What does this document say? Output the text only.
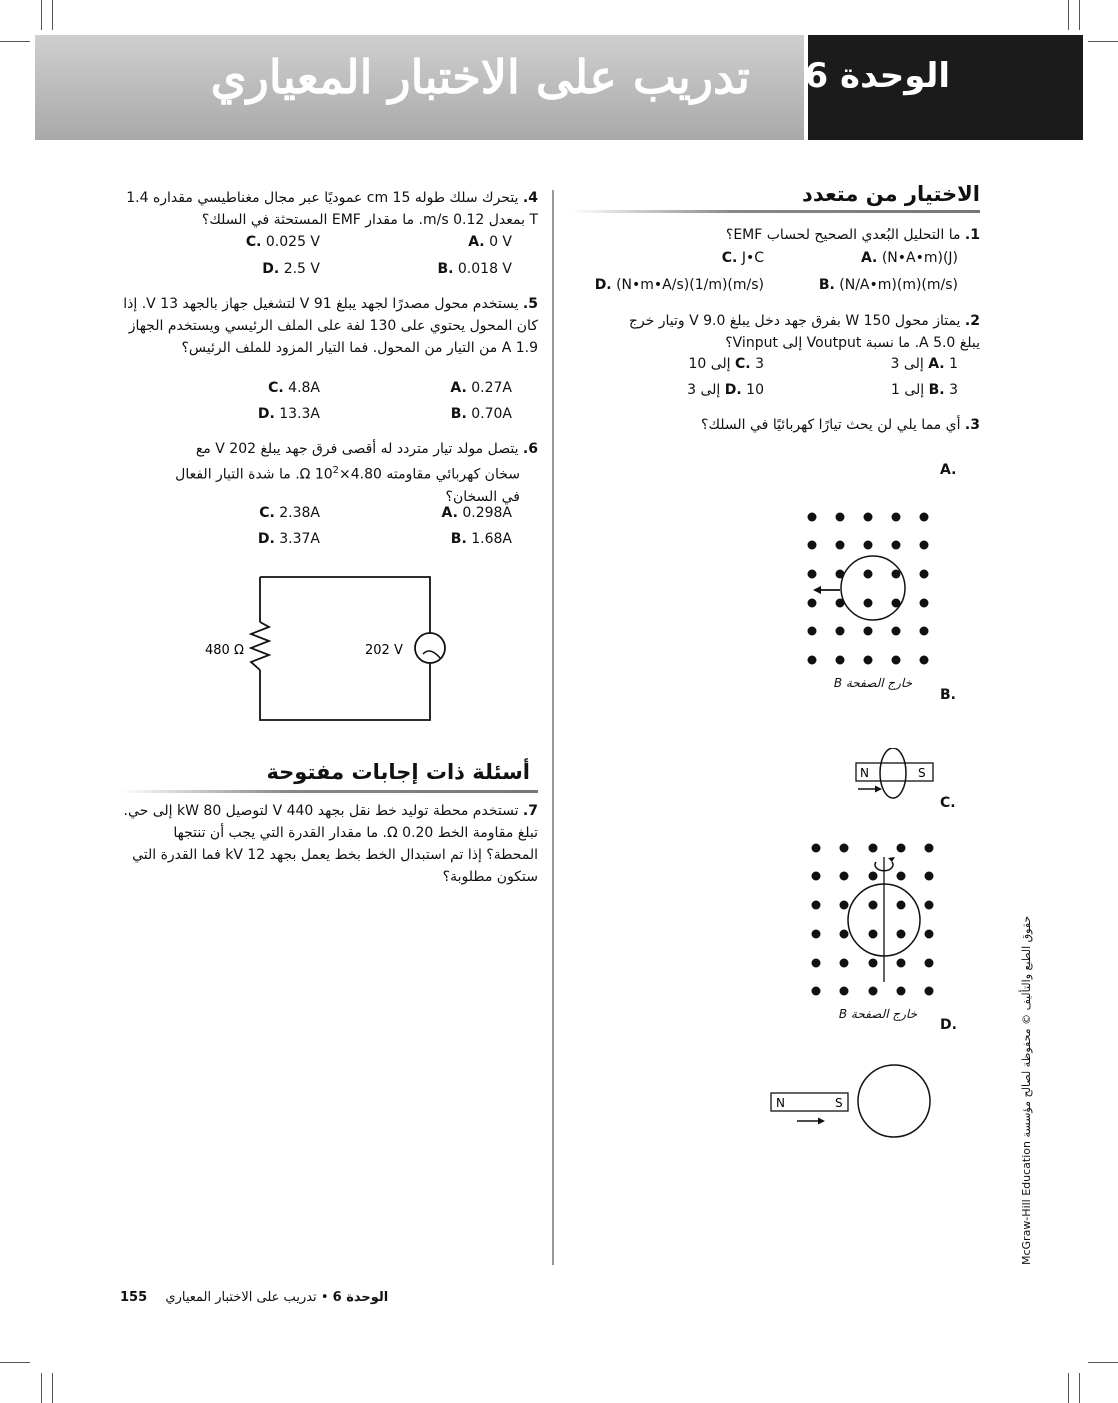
تدريب على الاختبار المعياري	الوحدة 6
الاختيار من متعدد
1. ما التحليل البُعدي الصحيح لحساب EMF؟
A. (N•A•m)(J)
B. (N/A•m)(m)(m/s)
C. J•C
D. (N•m•A/s)(1/m)(m/s)
2. يمتاز محول 150 W بفرق جهد دخل يبلغ 9.0 V وتيار خرج يبلغ 5.0 A. ما نسبة Voutput إلى Vinput؟
A. 1 إلى 3
B. 3 إلى 1
C. 3 إلى 10
D. 10 إلى 3
3. أي مما يلي لن يحث تيارًا كهربائيًا في السلك؟
A.
B.
C.
D.
خارج الصفحة B
N	S
خارج الصفحة B
N	S
4. يتحرك سلك طوله 15 cm عموديًا عبر مجال مغناطيسي مقداره 1.4 T بمعدل 0.12 m/s. ما مقدار EMF المستحثة في السلك؟
A. 0 V
B. 0.018 V
C. 0.025 V
D. 2.5 V
5. يستخدم محول مصدرًا لجهد يبلغ 91 V لتشغيل جهاز بالجهد 13 V. إذا كان المحول يحتوي على 130 لفة على الملف الرئيسي ويستخدم الجهاز 1.9 A من التيار من المحول. فما التيار المزود للملف الرئيس؟
A. 0.27A
B. 0.70A
C. 4.8A
D. 13.3A
6. يتصل مولد تيار متردد له أقصى فرق جهد يبلغ 202 V مع
سخان كهربائي مقاومته $4.80\times 10^2$ Ω. ما شدة التيار الفعال
في السخان؟
A. 0.298A
B. 1.68A
C. 2.38A
D. 3.37A
480 Ω	202 V
أسئلة ذات إجابات مفتوحة
7. تستخدم محطة توليد خط نقل بجهد 440 V لتوصيل 80 kW إلى حي. تبلغ مقاومة الخط 0.20 Ω. ما مقدار القدرة التي يجب أن تنتجها المحطة؟ إذا تم استبدال الخط بخط يعمل بجهد 12 kV فما القدرة التي ستكون مطلوبة؟
155	الوحدة 6 • تدريب على الاختبار المعياري
حقوق الطبع والتأليف © محفوظة لصالح مؤسسة McGraw-Hill Education
